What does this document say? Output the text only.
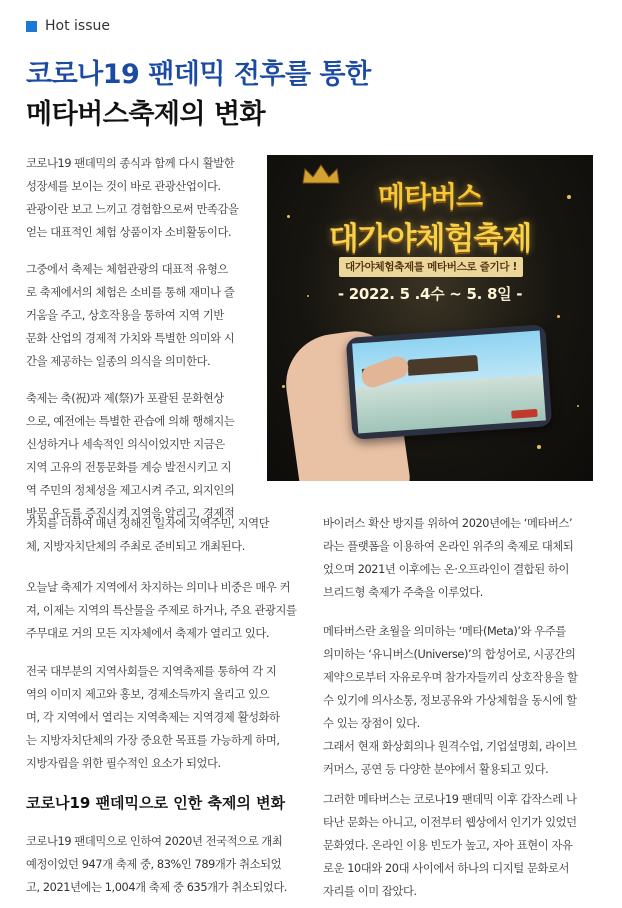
Hot issue
코로나19 팬데믹 전후를 통한
메타버스축제의 변화

코로나19 팬데믹의 종식과 함께 다시 활발한

성장세를 보이는 것이 바로 관광산업이다.

관광이란 보고 느끼고 경험함으로써 만족감을

얻는 대표적인 체험 상품이자 소비활동이다.

그중에서 축제는 체험관광의 대표적 유형으

로 축제에서의 체험은 소비를 통해 재미나 즐

거움을 주고, 상호작용을 통하여 지역 기반

문화 산업의 경제적 가치와 특별한 의미와 시

간을 제공하는 일종의 의식을 의미한다.

축제는 축(祝)과 제(祭)가 포괄된 문화현상

으로, 예전에는 특별한 관습에 의해 행해지는

신성하거나 세속적인 의식이었지만 지금은

지역 고유의 전통문화를 계승 발전시키고 지

역 주민의 정체성을 제고시켜 주고, 외지인의

방문 유도를 증진시켜 지역을 알리고, 경제적

가치를 더하여 매년 정해진 일자에 지역주민, 지역단

체, 지방자치단체의 주최로 준비되고 개최된다.

오늘날 축제가 지역에서 차지하는 의미나 비중은 매우 커

져, 이제는 지역의 특산물을 주제로 하거나, 주요 관광지를

주무대로 거의 모든 지자체에서 축제가 열리고 있다.

전국 대부분의 지역사회들은 지역축제를 통하여 각 지

역의 이미지 제고와 홍보, 경제소득까지 올리고 있으

며, 각 지역에서 열리는 지역축제는 지역경제 활성화하

는 지방자치단체의 가장 중요한 목표를 가능하게 하며,

지방자립을 위한 필수적인 요소가 되었다.

코로나19 팬데믹으로 인한 축제의 변화

코로나19 팬데믹으로 인하여 2020년 전국적으로 개최

예정이었던 947개 축제 중, 83%인 789개가 취소되었

고, 2021년에는 1,004개 축제 중 635개가 취소되었다.

바이러스 확산 방지를 위하여 2020년에는 ‘메타버스’

라는 플랫폼을 이용하여 온라인 위주의 축제로 대체되

었으며 2021년 이후에는 온·오프라인이 결합된 하이

브리드형 축제가 주축을 이루었다.

메타버스란 초월을 의미하는 ‘메타(Meta)’와 우주를

의미하는 ‘유니버스(Universe)’의 합성어로, 시공간의

제약으로부터 자유로우며 참가자들끼리 상호작용을 할

수 있기에 의사소통, 정보공유와 가상체험을 동시에 할

수 있는 장점이 있다.

그래서 현재 화상회의나 원격수업, 기업설명회, 라이브

커머스, 공연 등 다양한 분야에서 활용되고 있다.

그러한 메타버스는 코로나19 팬데믹 이후 갑작스레 나

타난 문화는 아니고, 이전부터 웹상에서 인기가 있었던

문화였다. 온라인 이용 빈도가 높고, 자아 표현이 자유

로운 10대와 20대 사이에서 하나의 디지털 문화로서

자리를 이미 잡았다.

메타버스
대가야체험축제
대가야체험축제를 메타버스로 즐기다 !
- 2022. 5 .4수 ~ 5. 8일 -
